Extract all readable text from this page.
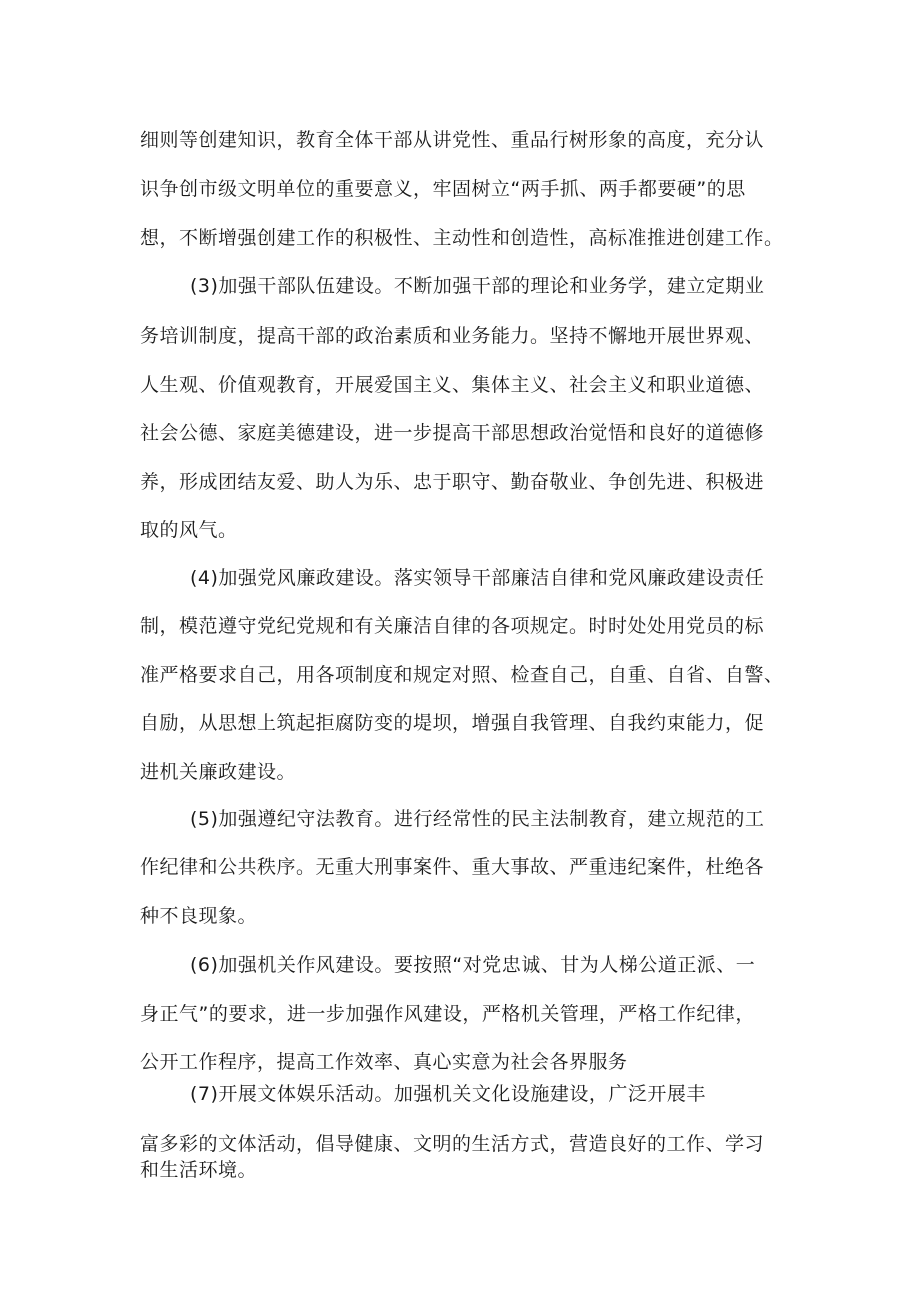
细则等创建知识，教育全体干部从讲党性、重品行树形象的高度，充分认
识争创市级文明单位的重要意义，牢固树立“两手抓、两手都要硬”的思
想，不断增强创建工作的积极性、主动性和创造性，高标准推进创建工作。
(3)加强干部队伍建设。不断加强干部的理论和业务学，建立定期业
务培训制度，提高干部的政治素质和业务能力。坚持不懈地开展世界观、
人生观、价值观教育，开展爱国主义、集体主义、社会主义和职业道德、
社会公德、家庭美德建设，进一步提高干部思想政治觉悟和良好的道德修
养，形成团结友爱、助人为乐、忠于职守、勤奋敬业、争创先进、积极进
取的风气。
(4)加强党风廉政建设。落实领导干部廉洁自律和党风廉政建设责任
制，模范遵守党纪党规和有关廉洁自律的各项规定。时时处处用党员的标
准严格要求自己，用各项制度和规定对照、检查自己，自重、自省、自警、
自励，从思想上筑起拒腐防变的堤坝，增强自我管理、自我约束能力，促
进机关廉政建设。
(5)加强遵纪守法教育。进行经常性的民主法制教育，建立规范的工
作纪律和公共秩序。无重大刑事案件、重大事故、严重违纪案件，杜绝各
种不良现象。
(6)加强机关作风建设。要按照“对党忠诚、甘为人梯公道正派、一
身正气”的要求，进一步加强作风建设，严格机关管理，严格工作纪律，
公开工作程序，提高工作效率、真心实意为社会各界服务
(7)开展文体娱乐活动。加强机关文化设施建设，广泛开展丰
富多彩的文体活动，倡导健康、文明的生活方式，营造良好的工作、学习
和生活环境。
